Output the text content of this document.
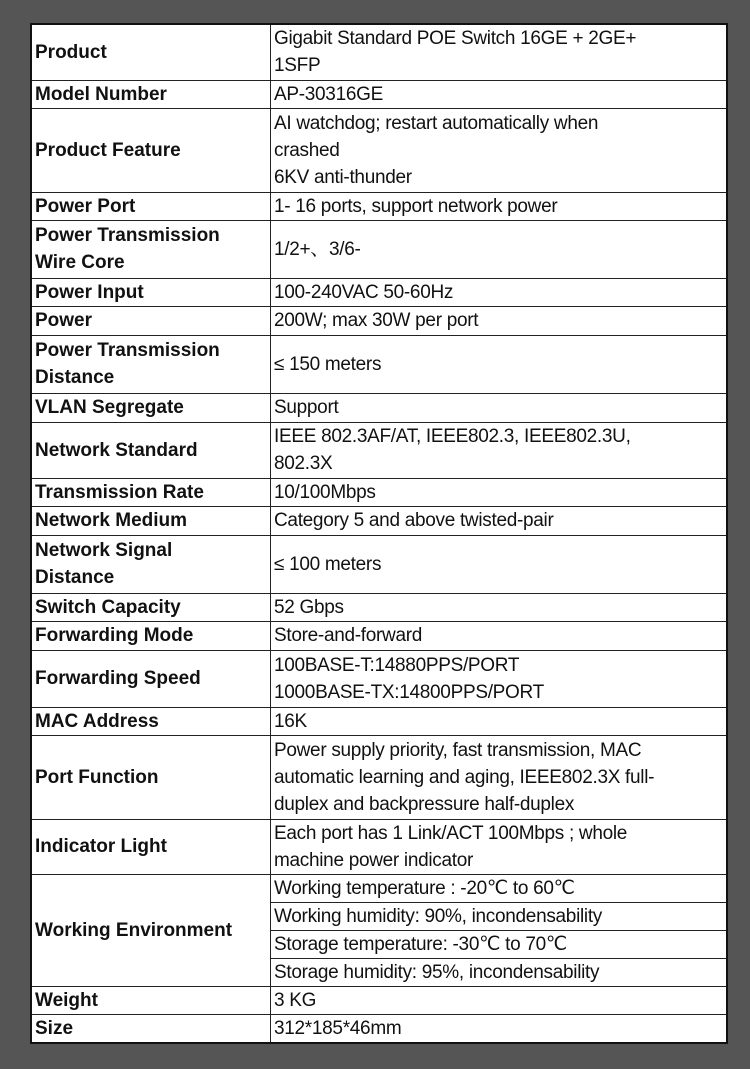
Product	Gigabit Standard POE Switch 16GE + 2GE+
1SFP

Model Number	AP-30316GE

Product Feature	AI watchdog; restart automatically when
crashed
6KV anti-thunder

Power Port	1- 16 ports, support network power

Power Transmission
Wire Core	1/2+、3/6-

Power Input	100-240VAC 50-60Hz

Power	200W; max 30W per port

Power Transmission
Distance	≤ 150 meters

VLAN Segregate	Support

Network Standard	IEEE 802.3AF/AT, IEEE802.3, IEEE802.3U,
802.3X

Transmission Rate	10/100Mbps

Network Medium	Category 5 and above twisted-pair

Network Signal
Distance	≤ 100 meters

Switch Capacity	52 Gbps

Forwarding Mode	Store-and-forward

Forwarding Speed	100BASE-T:14880PPS/PORT
1000BASE-TX:14800PPS/PORT

MAC Address	16K

Port Function	Power supply priority, fast transmission, MAC
automatic learning and aging, IEEE802.3X full-
duplex and backpressure half-duplex

Indicator Light	Each port has 1 Link/ACT 100Mbps ; whole
machine power indicator

Working Environment	Working temperature : -20℃ to 60℃
	Working humidity: 90%, incondensability
	Storage temperature: -30℃ to 70℃
	Storage humidity: 95%, incondensability
Weight	3 KG
Size	312*185*46mm
